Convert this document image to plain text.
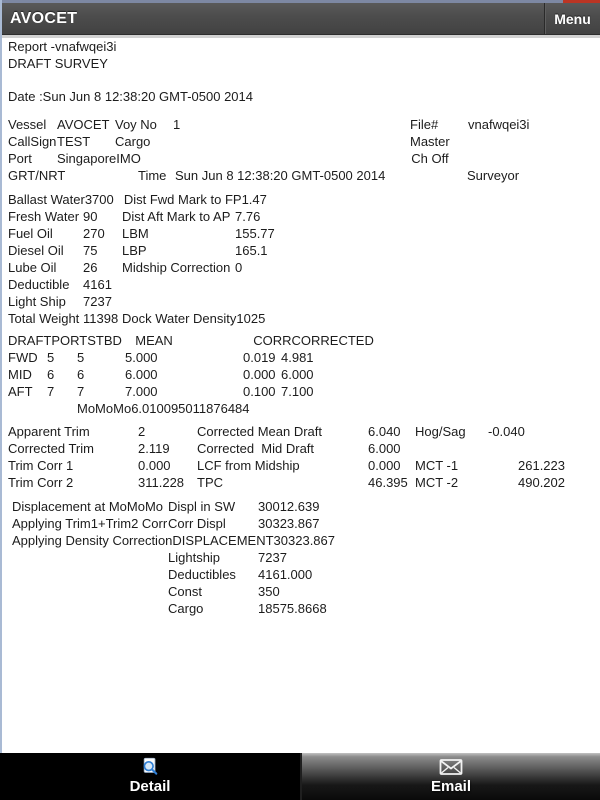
AVOCET	Menu
Report -vnafwqei3i
DRAFT SURVEY
Date :Sun Jun 8 12:38:20 GMT-0500 2014
Vessel AVOCET Voy No	1	File#	vnafwqei3i
CallSign TEST	Cargo	Master
Port	Singapore IMO	Ch Off
GRT/NRT	Time Sun Jun 8 12:38:20 GMT-0500 2014	Surveyor
Ballast Water 3700 Dist Fwd Mark to FP 1.47
Fresh Water 90	Dist Aft Mark to AP 7.76
Fuel Oil	270	LBM	155.77
Diesel Oil	75	LBP	165.1
Lube Oil	26	Midship Correction 0
Deductible	4161
Light Ship	7237
Total Weight 11398 Dock Water Density 1025
DRAFT PORT STBD	MEAN	CORR CORRECTED
FWD 5	5	5.000	0.019 4.981
MID	6	6	6.000	0.000 6.000
AFT	7	7	7.000	0.100 7.100
MoMoMo 6.010095011876484
Apparent Trim	2	Corrected Mean Draft	6.040	Hog/Sag	-0.040
Corrected Trim	2.119	Corrected  Mid Draft	6.000
Trim Corr 1	0.000	LCF from Midship	0.000	MCT -1	261.223
Trim Corr 2	311.228 TPC	46.395 MCT -2	490.202
Displacement at MoMoMo Displ in SW	30012.639
Applying Trim1+Trim2 Corr Corr Displ	30323.867
Applying Density Correction DISPLACEMENT 30323.867
Lightship	7237
Deductibles	4161.000
Const	350
Cargo	18575.8668
Detail	Email
